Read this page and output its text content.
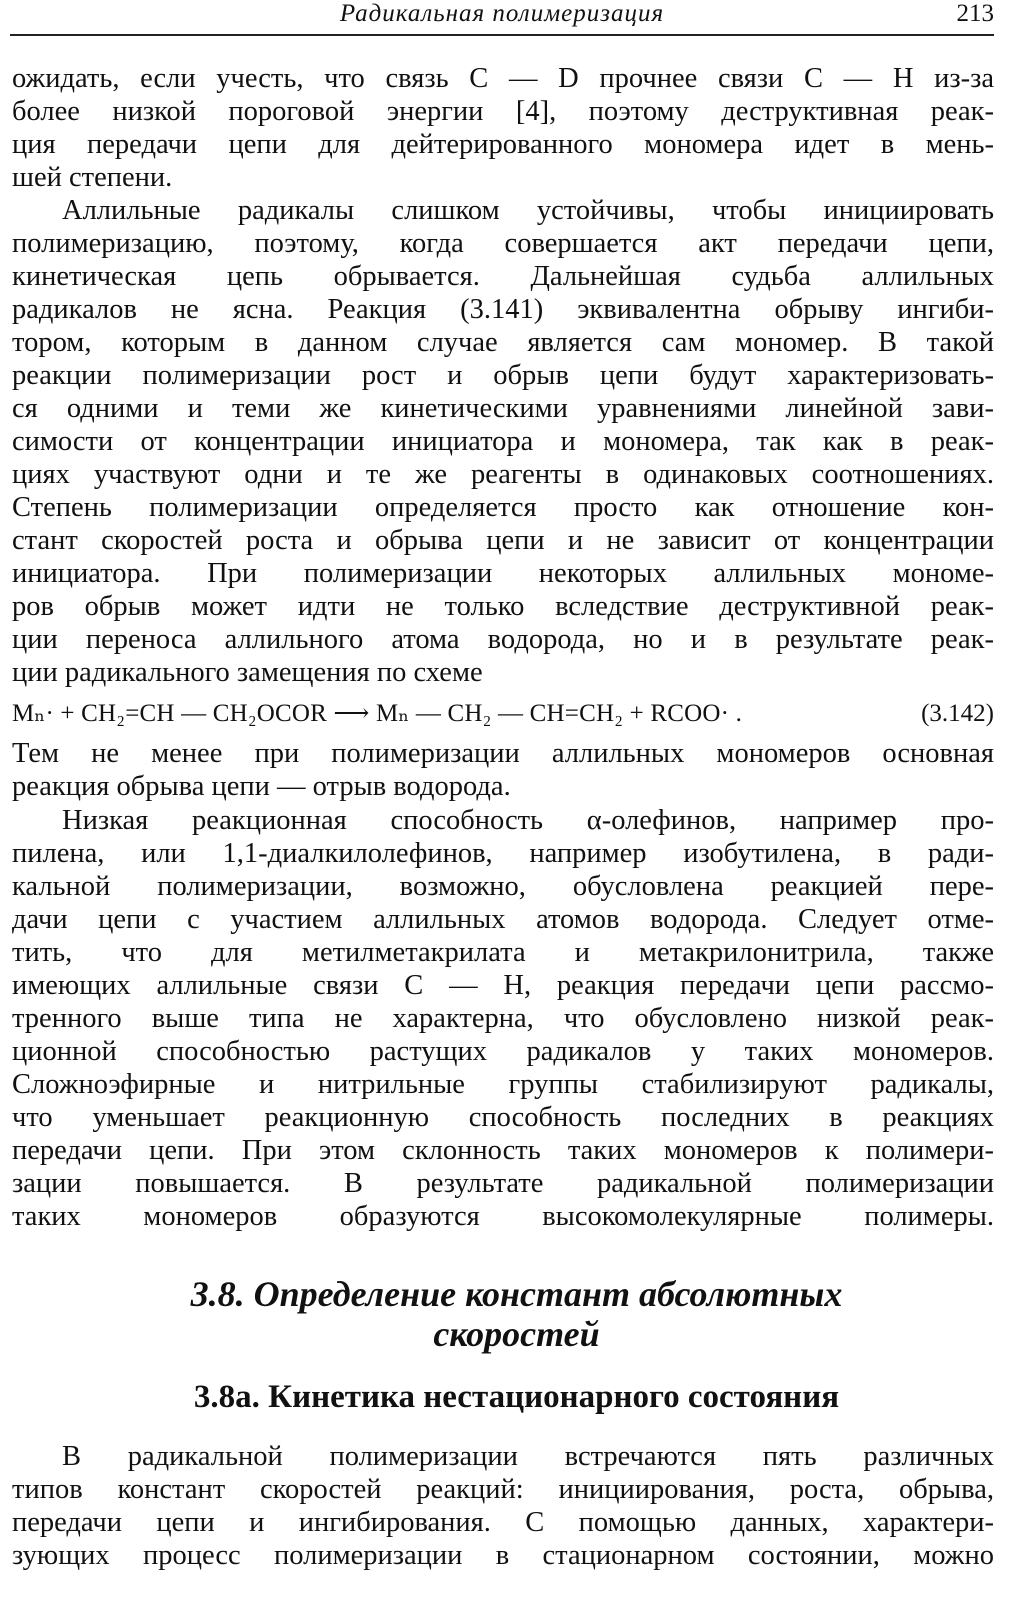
Радикальная полимеризация	213
ожидать, если учесть, что связь C — D прочнее связи C — H из-за
более низкой пороговой энергии [4], поэтому деструктивная реак-
ция передачи цепи для дейтерированного мономера идет в мень-
шей степени.
Аллильные радикалы слишком устойчивы, чтобы инициировать
полимеризацию, поэтому, когда совершается акт передачи цепи,
кинетическая цепь обрывается. Дальнейшая судьба аллильных
радикалов не ясна. Реакция (3.141) эквивалентна обрыву ингиби-
тором, которым в данном случае является сам мономер. В такой
реакции полимеризации рост и обрыв цепи будут характеризовать-
ся одними и теми же кинетическими уравнениями линейной зави-
симости от концентрации инициатора и мономера, так как в реак-
циях участвуют одни и те же реагенты в одинаковых соотношениях.
Степень полимеризации определяется просто как отношение кон-
стант скоростей роста и обрыва цепи и не зависит от концентрации
инициатора. При полимеризации некоторых аллильных мономе-
ров обрыв может идти не только вследствие деструктивной реак-
ции переноса аллильного атома водорода, но и в результате реак-
ции радикального замещения по схеме
Mₙ· + CH₂=CH — CH₂OCOR ⟶ Mₙ — CH₂ — CH=CH₂ + RCOO· .	(3.142)
Тем не менее при полимеризации аллильных мономеров основная
реакция обрыва цепи — отрыв водорода.
Низкая реакционная способность α-олефинов, например про-
пилена, или 1,1-диалкилолефинов, например изобутилена, в ради-
кальной полимеризации, возможно, обусловлена реакцией пере-
дачи цепи с участием аллильных атомов водорода. Следует отме-
тить, что для метилметакрилата и метакрилонитрила, также
имеющих аллильные связи C — H, реакция передачи цепи рассмо-
тренного выше типа не характерна, что обусловлено низкой реак-
ционной способностью растущих радикалов у таких мономеров.
Сложноэфирные и нитрильные группы стабилизируют радикалы,
что уменьшает реакционную способность последних в реакциях
передачи цепи. При этом склонность таких мономеров к полимери-
зации повышается. В результате радикальной полимеризации
таких мономеров образуются высокомолекулярные полимеры.
3.8. Определение констант абсолютных
скоростей
3.8а. Кинетика нестационарного состояния
В радикальной полимеризации встречаются пять различных
типов констант скоростей реакций: инициирования, роста, обрыва,
передачи цепи и ингибирования. С помощью данных, характери-
зующих процесс полимеризации в стационарном состоянии, можно
